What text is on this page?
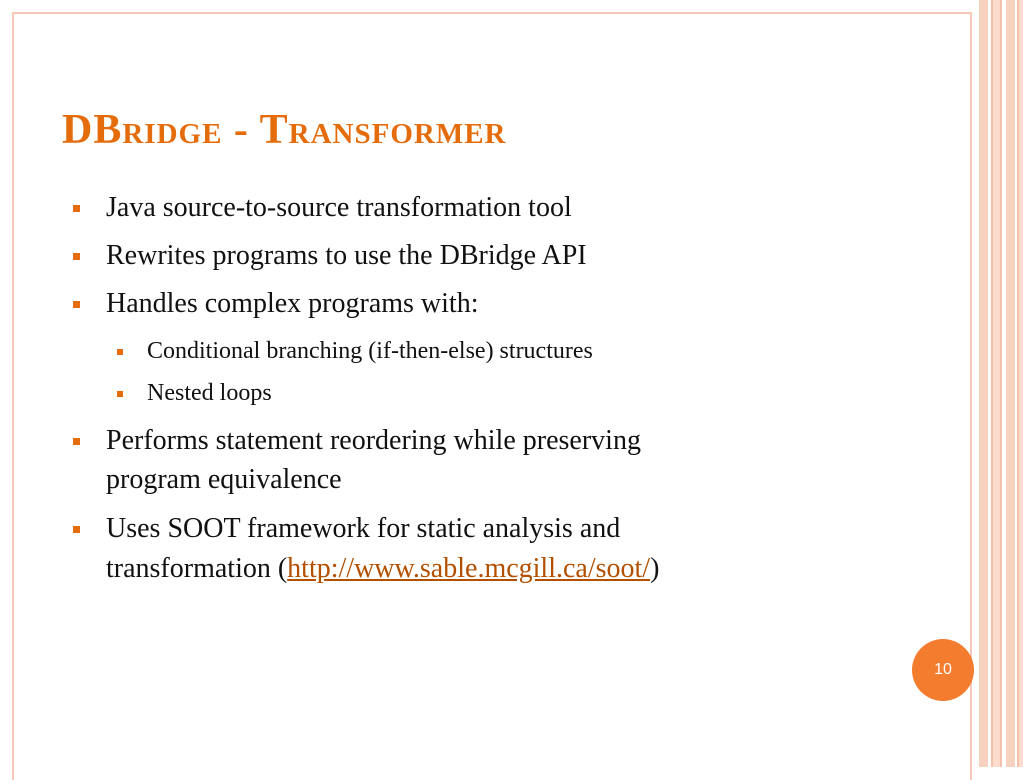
DBridge - Transformer
Java source-to-source transformation tool
Rewrites programs to use the DBridge API
Handles complex programs with:
Conditional branching (if-then-else) structures
Nested loops
Performs statement reordering while preserving
program equivalence
Uses SOOT framework for static analysis and
transformation (http://www.sable.mcgill.ca/soot/)
10
